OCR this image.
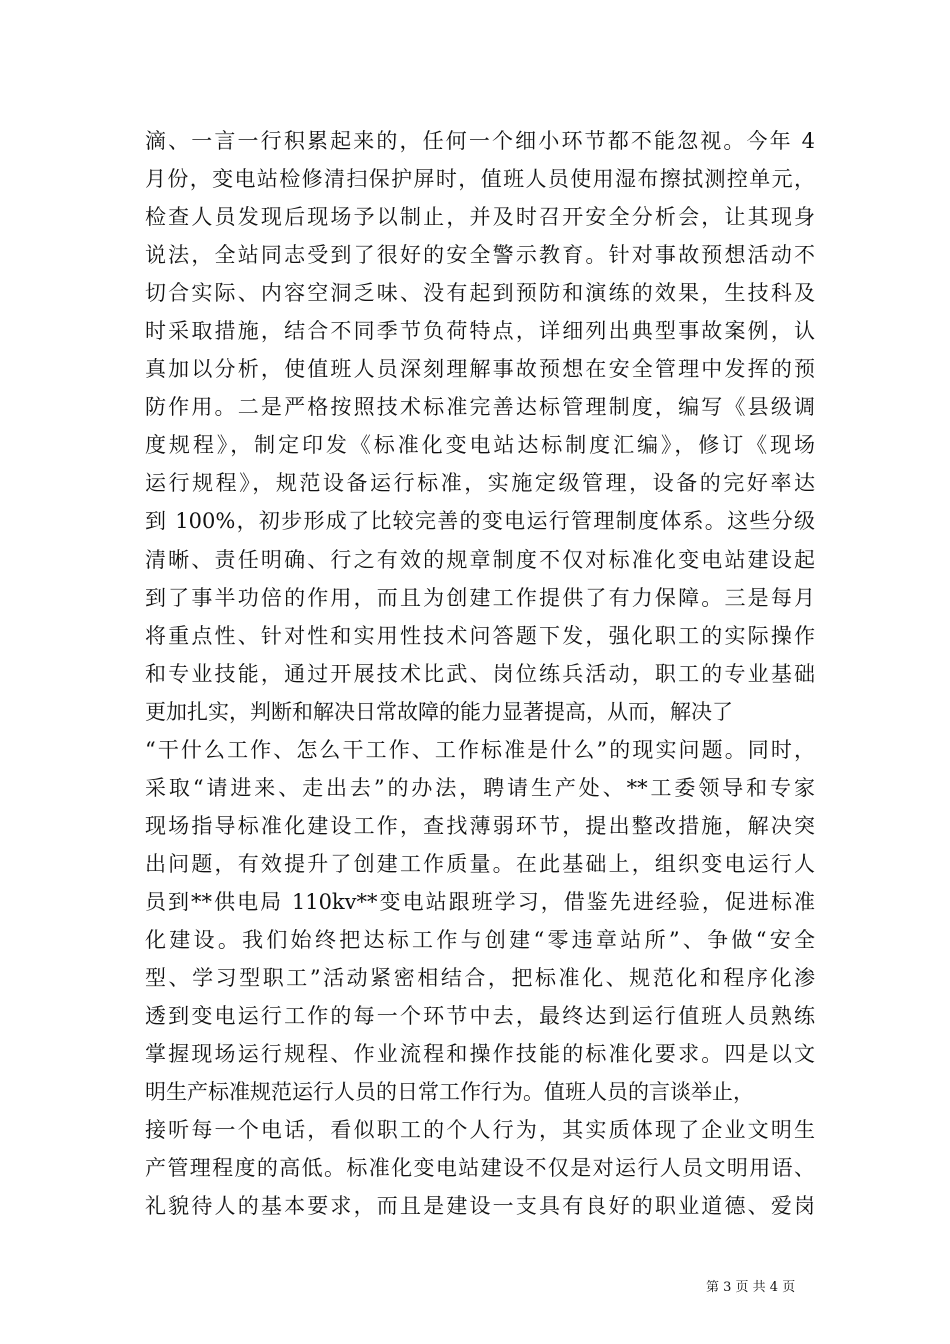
滴、一言一行积累起来的，任何一个细小环节都不能忽视。今年 4
月份，变电站检修清扫保护屏时，值班人员使用湿布擦拭测控单元，
检查人员发现后现场予以制止，并及时召开安全分析会，让其现身
说法，全站同志受到了很好的安全警示教育。针对事故预想活动不
切合实际、内容空洞乏味、没有起到预防和演练的效果，生技科及
时采取措施，结合不同季节负荷特点，详细列出典型事故案例，认
真加以分析，使值班人员深刻理解事故预想在安全管理中发挥的预
防作用。二是严格按照技术标准完善达标管理制度，编写《县级调
度规程》，制定印发《标准化变电站达标制度汇编》，修订《现场
运行规程》，规范设备运行标准，实施定级管理，设备的完好率达
到 100%，初步形成了比较完善的变电运行管理制度体系。这些分级
清晰、责任明确、行之有效的规章制度不仅对标准化变电站建设起
到了事半功倍的作用，而且为创建工作提供了有力保障。三是每月
将重点性、针对性和实用性技术问答题下发，强化职工的实际操作
和专业技能，通过开展技术比武、岗位练兵活动，职工的专业基础
更加扎实，判断和解决日常故障的能力显著提高，从而，解决了
“干什么工作、怎么干工作、工作标准是什么”的现实问题。同时，
采取“请进来、走出去”的办法，聘请生产处、**工委领导和专家
现场指导标准化建设工作，查找薄弱环节，提出整改措施，解决突
出问题，有效提升了创建工作质量。在此基础上，组织变电运行人
员到**供电局 110kv**变电站跟班学习，借鉴先进经验，促进标准
化建设。我们始终把达标工作与创建“零违章站所”、争做“安全
型、学习型职工”活动紧密相结合，把标准化、规范化和程序化渗
透到变电运行工作的每一个环节中去，最终达到运行值班人员熟练
掌握现场运行规程、作业流程和操作技能的标准化要求。四是以文
明生产标准规范运行人员的日常工作行为。值班人员的言谈举止，
接听每一个电话，看似职工的个人行为，其实质体现了企业文明生
产管理程度的高低。标准化变电站建设不仅是对运行人员文明用语、
礼貌待人的基本要求，而且是建设一支具有良好的职业道德、爱岗
第 3 页 共 4 页
